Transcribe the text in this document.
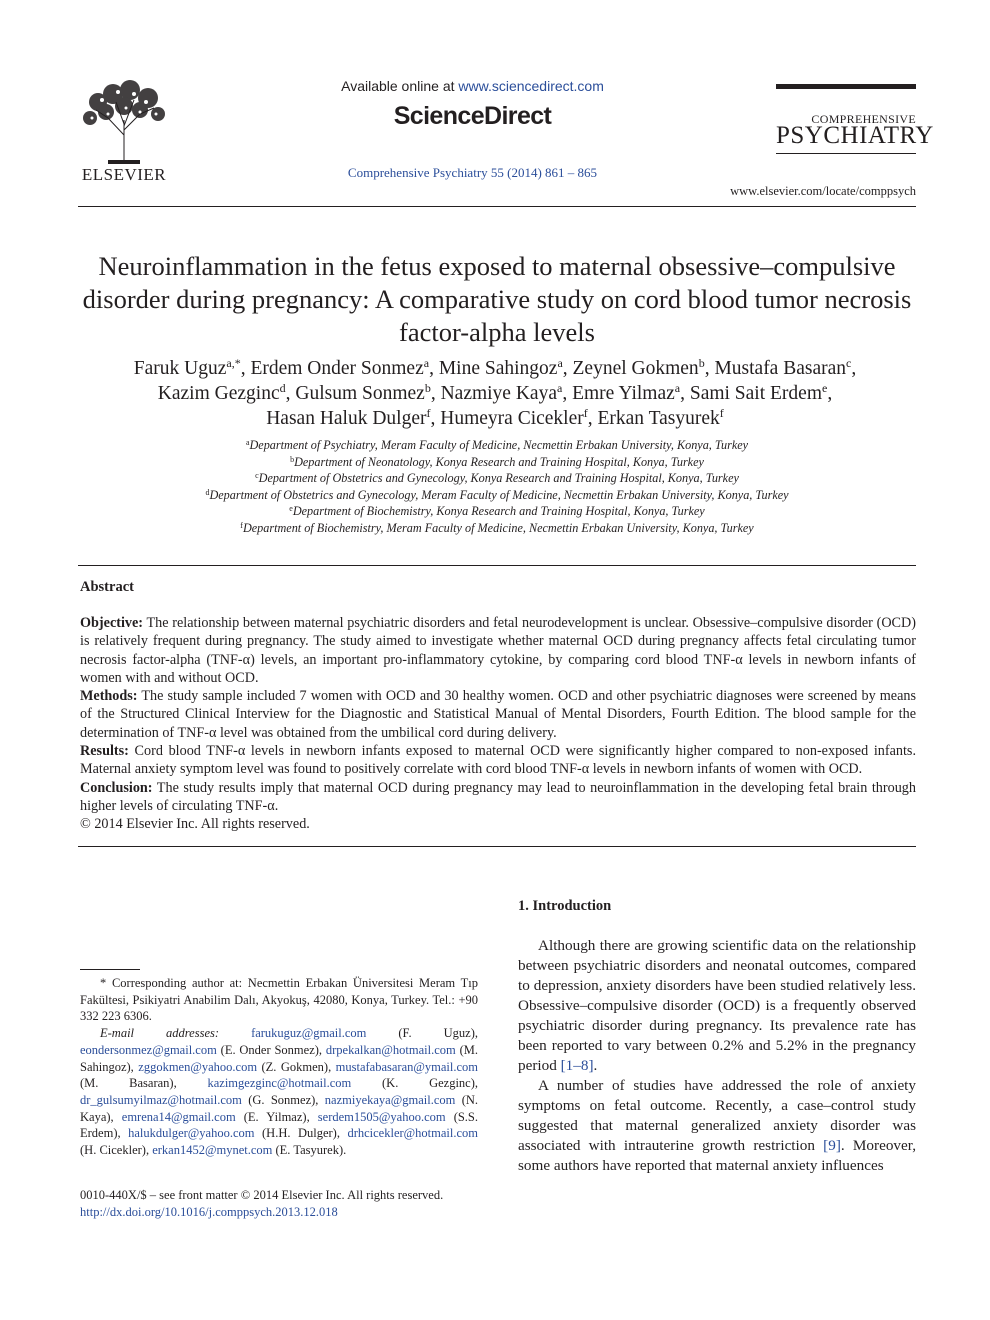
ELSEVIER
Available online at www.sciencedirect.com
ScienceDirect
Comprehensive Psychiatry 55 (2014) 861 – 865
COMPREHENSIVE
PSYCHIATRY
www.elsevier.com/locate/comppsych
Neuroinflammation in the fetus exposed to maternal obsessive–compulsive disorder during pregnancy: A comparative study on cord blood tumor necrosis factor-alpha levels
Faruk Uguz$^{a,*}$, Erdem Onder Sonmez$^a$, Mine Sahingoz$^a$, Zeynel Gokmen$^b$, Mustafa Basaran$^c$,
Kazim Gezginc$^d$, Gulsum Sonmez$^b$, Nazmiye Kaya$^a$, Emre Yilmaz$^a$, Sami Sait Erdem$^e$,
Hasan Haluk Dulger$^f$, Humeyra Cicekler$^f$, Erkan Tasyurek$^f$
$^a$Department of Psychiatry, Meram Faculty of Medicine, Necmettin Erbakan University, Konya, Turkey
$^b$Department of Neonatology, Konya Research and Training Hospital, Konya, Turkey
$^c$Department of Obstetrics and Gynecology, Konya Research and Training Hospital, Konya, Turkey
$^d$Department of Obstetrics and Gynecology, Meram Faculty of Medicine, Necmettin Erbakan University, Konya, Turkey
$^e$Department of Biochemistry, Konya Research and Training Hospital, Konya, Turkey
$^f$Department of Biochemistry, Meram Faculty of Medicine, Necmettin Erbakan University, Konya, Turkey
Abstract

Objective: The relationship between maternal psychiatric disorders and fetal neurodevelopment is unclear. Obsessive–compulsive disorder (OCD) is relatively frequent during pregnancy. The study aimed to investigate whether maternal OCD during pregnancy affects fetal circulating tumor necrosis factor-alpha (TNF-α) levels, an important pro-inflammatory cytokine, by comparing cord blood TNF-α levels in newborn infants of women with and without OCD.

Methods: The study sample included 7 women with OCD and 30 healthy women. OCD and other psychiatric diagnoses were screened by means of the Structured Clinical Interview for the Diagnostic and Statistical Manual of Mental Disorders, Fourth Edition. The blood sample for the determination of TNF-α level was obtained from the umbilical cord during delivery.

Results: Cord blood TNF-α levels in newborn infants exposed to maternal OCD were significantly higher compared to non-exposed infants. Maternal anxiety symptom level was found to positively correlate with cord blood TNF-α levels in newborn infants of women with OCD.

Conclusion: The study results imply that maternal OCD during pregnancy may lead to neuroinflammation in the developing fetal brain through higher levels of circulating TNF-α.

© 2014 Elsevier Inc. All rights reserved.

1. Introduction

Although there are growing scientific data on the relationship between psychiatric disorders and neonatal outcomes, compared to depression, anxiety disorders have been studied relatively less. Obsessive–compulsive disorder (OCD) is a frequently observed psychiatric disorder during pregnancy. Its prevalence rate has been reported to vary between 0.2% and 5.2% in the pregnancy period [1–8].

A number of studies have addressed the role of anxiety symptoms on fetal outcome. Recently, a case–control study suggested that maternal generalized anxiety disorder was associated with intrauterine growth restriction [9]. Moreover, some authors have reported that maternal anxiety influences

* Corresponding author at: Necmettin Erbakan Üniversitesi Meram Tıp Fakültesi, Psikiyatri Anabilim Dalı, Akyokuş, 42080, Konya, Turkey. Tel.: +90 332 223 6306.

E-mail addresses:	farukuguz@gmail.com (F. Uguz), eondersonmez@gmail.com (E. Onder Sonmez), drpekalkan@hotmail.com (M. Sahingoz), zggokmen@yahoo.com (Z. Gokmen), mustafabasaran@ymail.com (M. Basaran), kazimgezginc@hotmail.com (K. Gezginc), dr_gulsumyilmaz@hotmail.com (G. Sonmez), nazmiyekaya@gmail.com (N. Kaya), emrena14@gmail.com (E. Yilmaz), serdem1505@yahoo.com (S.S. Erdem), halukdulger@yahoo.com (H.H. Dulger), drhcicekler@hotmail.com (H. Cicekler), erkan1452@mynet.com (E. Tasyurek).

0010-440X/$ – see front matter © 2014 Elsevier Inc. All rights reserved.

http://dx.doi.org/10.1016/j.comppsych.2013.12.018
